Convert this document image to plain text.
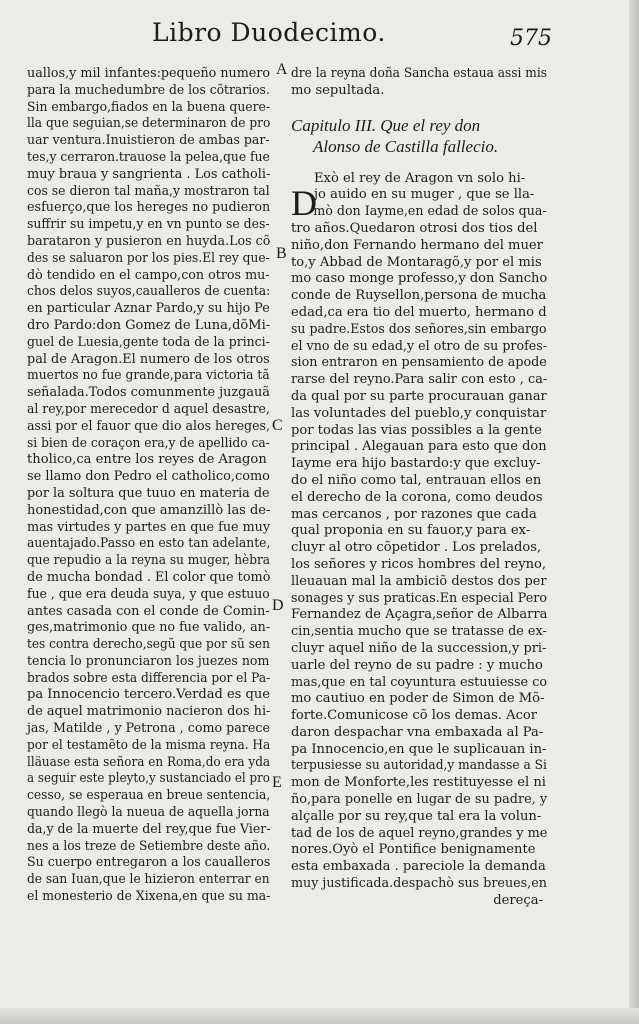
Libro Duodecimo.	575
uallos,y mil infantes:pequeño numero
para la muchedumbre de los cõtrarios.
Sin embargo,fiados en la buena quere-
lla que seguian,se determinaron de pro
uar ventura.Inuistieron de ambas par-
tes,y cerraron.trauose la pelea,que fue
muy braua y sangrienta . Los catholi-
cos se dieron tal maña,y mostraron tal
esfuerço,que los hereges no pudieron
suffrir su impetu,y en vn punto se des-
barataron y pusieron en huyda.Los cõ
des se saluaron por los pies.El rey que-
dò tendido en el campo,con otros mu-
chos delos suyos,caualleros de cuenta:
en particular Aznar Pardo,y su hijo Pe
dro Pardo:don Gomez de Luna,dõMi-
guel de Luesia,gente toda de la princi-
pal de Aragon.El numero de los otros
muertos no fue grande,para victoria tã
señalada.Todos comunmente juzgauã
al rey,por merecedor d aquel desastre,
assi por el fauor que dio alos hereges,
si bien de coraçon era,y de apellido ca-
tholico,ca entre los reyes de Aragon
se llamo don Pedro el catholico,como
por la soltura que tuuo en materia de
honestidad,con que amanzillò las de-
mas virtudes y partes en que fue muy
auentajado.Passo en esto tan adelante,
que repudio a la reyna su muger, hèbra
de mucha bondad . El color que tomò
fue , que era deuda suya, y que estuuo
antes casada con el conde de Comin-
ges,matrimonio que no fue valido, an-
tes contra derecho,segũ que por sũ sen
tencia lo pronunciaron los juezes nom
brados sobre esta differencia por el Pa-
pa Innocencio tercero.Verdad es que
de aquel matrimonio nacieron dos hi-
jas, Matilde , y Petrona , como parece
por el testamẽto de la misma reyna. Ha
lläuase esta señora en Roma,do era yda
a seguir este pleyto,y sustanciado el pro
cesso, se esperaua en breue sentencia,
quando llegò la nueua de aquella jorna
da,y de la muerte del rey,que fue Vier-
nes a los treze de Setiembre deste año.
Su cuerpo entregaron a los caualleros
de san Iuan,que le hizieron enterrar en
el monesterio de Xixena,en que su ma-
dre la reyna doña Sancha estaua assi mis
mo sepultada.
Capitulo III. Que el rey don
Alonso de Castilla fallecio.
Exò el rey de Aragon vn solo hi-
jo auido en su muger , que se lla-
mò don Iayme,en edad de solos qua-
tro años.Quedaron otrosi dos tios del
niño,don Fernando hermano del muer
to,y Abbad de Montaragõ,y por el mis
mo caso monge professo,y don Sancho
conde de Ruysellon,persona de mucha
edad,ca era tio del muerto, hermano d
su padre.Estos dos señores,sin embargo
el vno de su edad,y el otro de su profes-
sion entraron en pensamiento de apode
rarse del reyno.Para salir con esto , ca-
da qual por su parte procurauan ganar
las voluntades del pueblo,y conquistar
por todas las vias possibles a la gente
principal . Alegauan para esto que don
Iayme era hijo bastardo:y que excluy-
do el niño como tal, entrauan ellos en
el derecho de la corona, como deudos
mas cercanos , por razones que cada
qual proponia en su fauor,y para ex-
cluyr al otro cõpetidor . Los prelados,
los señores y ricos hombres del reyno,
lleuauan mal la ambiciõ destos dos per
sonages y sus praticas.En especial Pero
Fernandez de Açagra,señor de Albarra
cin,sentia mucho que se tratasse de ex-
cluyr aquel niño de la succession,y pri-
uarle del reyno de su padre : y mucho
mas,que en tal coyuntura estuuiesse co
mo cautiuo en poder de Simon de Mõ-
forte.Comunicose cõ los demas. Acor
daron despachar vna embaxada al Pa-
pa Innocencio,en que le suplicauan in-
terpusiesse su autoridad,y mandasse a Si
mon de Monforte,les restituyesse el ni
ño,para ponelle en lugar de su padre, y
alçalle por su rey,que tal era la volun-
tad de los de aquel reyno,grandes y me
nores.Oyò el Pontifice benignamente
esta embaxada . pareciole la demanda
muy justificada.despachò sus breues,en
dereça-
D
A
B
C
D
E
